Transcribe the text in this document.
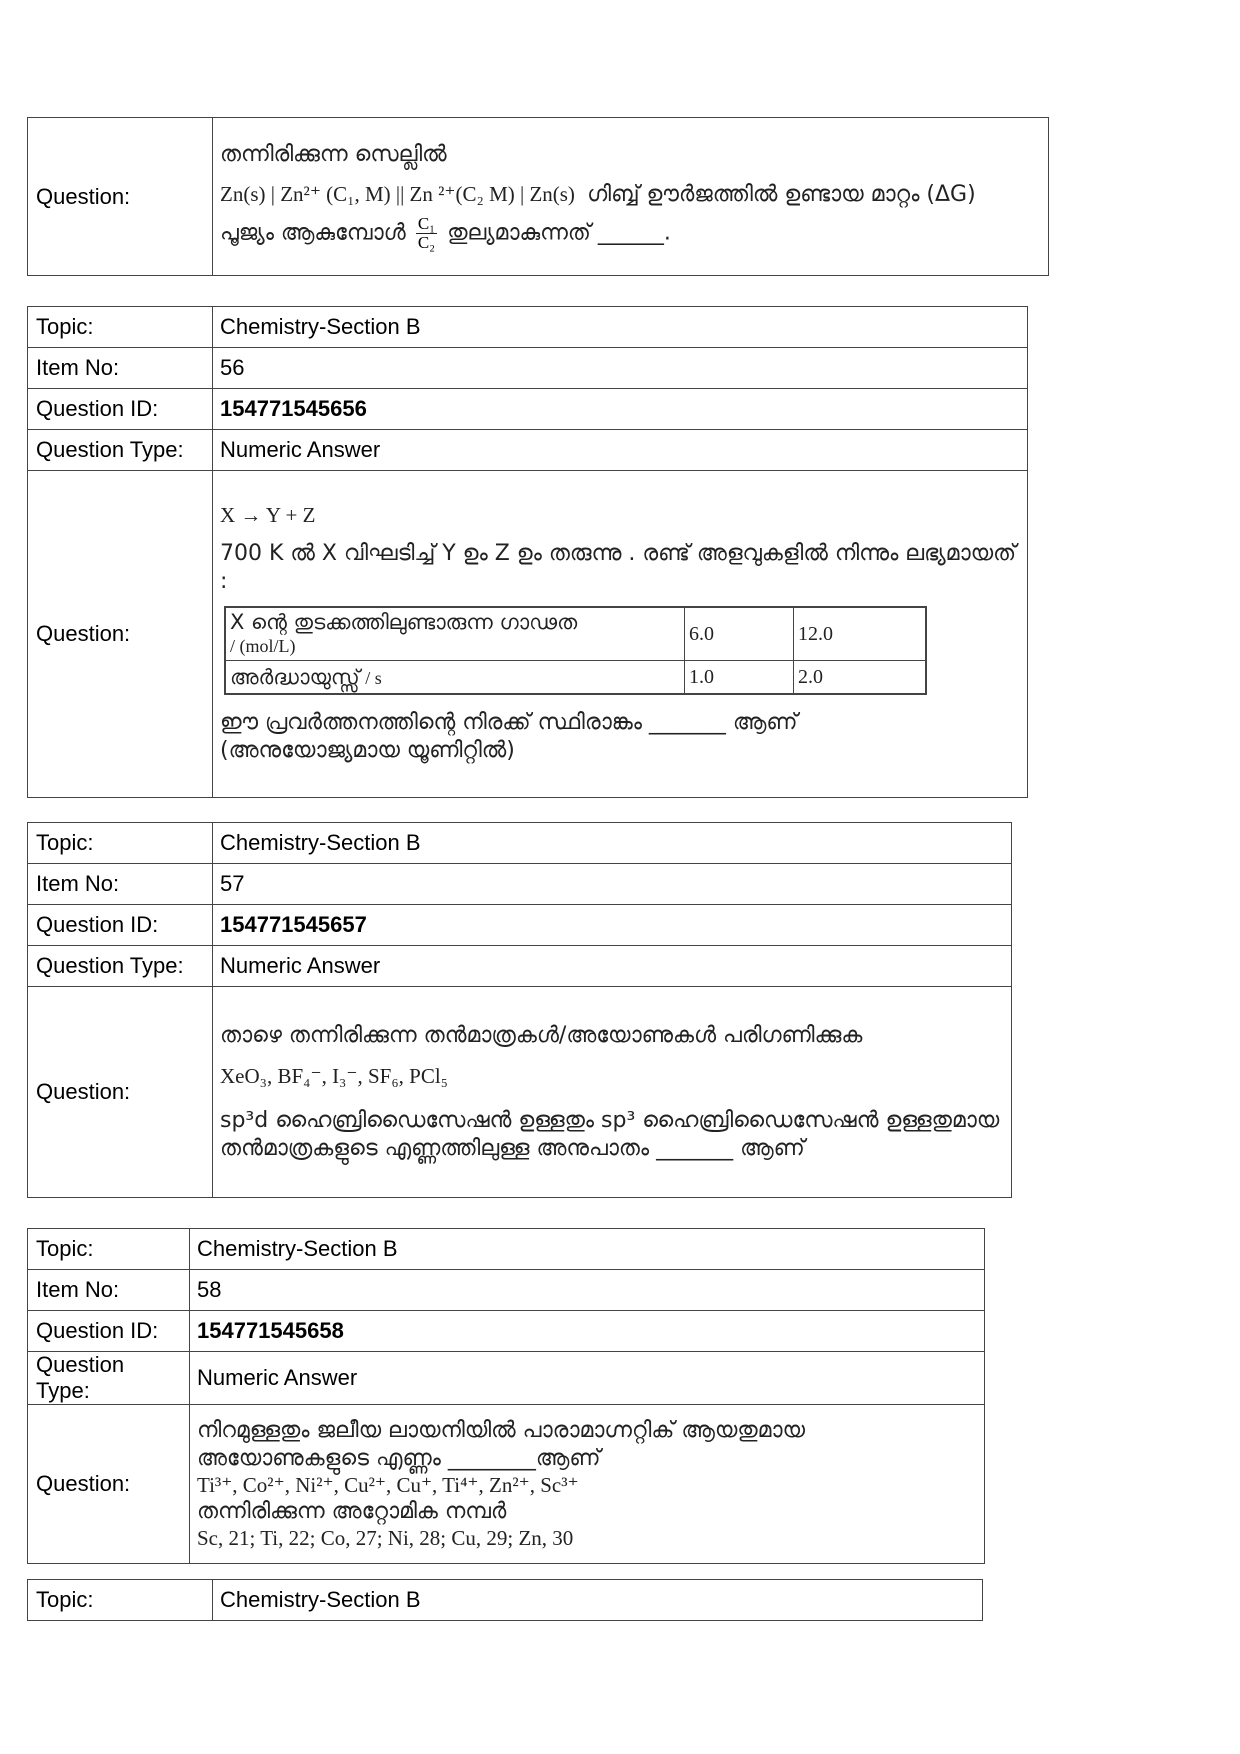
Question:	

തന്നിരിക്കുന്ന സെല്ലിൽ

Zn(s) | Zn²⁺ (C₁, M) || Zn ²⁺(C₂ M) | Zn(s) ഗിബ്ബ് ഊർജത്തിൽ ഉണ്ടായ മാറ്റം (ΔG)

പൂജ്യം ആകുമ്പോൾ $\frac{\text{C₁}}{\text{C₂}}$ തുല്യമാകുന്നത് ______.

Topic:	Chemistry-Section B
Item No:	56
Question ID:	154771545656
Question Type:	Numeric Answer
Question:	

X → Y + Z

700 K ൽ X വിഘടിച്ച് Y ഉം Z ഉം തരുന്നു . രണ്ട് അളവുകളിൽ നിന്നും ലഭ്യമായത് :

X ന്റെ തുടക്കത്തിലുണ്ടാരുന്ന ഗാഢത
/ (mol/L)	6.0	12.0
അർദ്ധായുസ്സ് / s	1.0	2.0

ഈ പ്രവർത്തനത്തിന്റെ നിരക്ക് സ്ഥിരാങ്കം _______ ആണ് (അനുയോജ്യമായ യൂണിറ്റിൽ)

Topic:	Chemistry-Section B
Item No:	57
Question ID:	154771545657
Question Type:	Numeric Answer
Question:	താഴെ തന്നിരിക്കുന്ന തൻമാത്രകൾ/അയോണുകൾ പരിഗണിക്കുക

XeO₃, BF₄⁻, I₃⁻, SF₆, PCl₅

sp³d ഹൈബ്രിഡൈസേഷൻ ഉള്ളതും sp³ ഹൈബ്രിഡൈസേഷൻ ഉള്ളതുമായ തൻമാത്രകളുടെ എണ്ണത്തിലുള്ള അനുപാതം _______ ആണ്

Topic:	Chemistry-Section B
Item No:	58
Question ID:	154771545658
Question Type:	Numeric Answer
Question:	നിറമുള്ളതും ജലീയ ലായനിയിൽ പാരാമാഗ്നറ്റിക് ആയതുമായ അയോണുകളുടെ എണ്ണം ________ആണ്

Ti³⁺, Co²⁺, Ni²⁺, Cu²⁺, Cu⁺, Ti⁴⁺, Zn²⁺, Sc³⁺

തന്നിരിക്കുന്ന അറ്റോമിക നമ്പർ

Sc, 21; Ti, 22; Co, 27; Ni, 28; Cu, 29; Zn, 30

Topic:	Chemistry-Section B
